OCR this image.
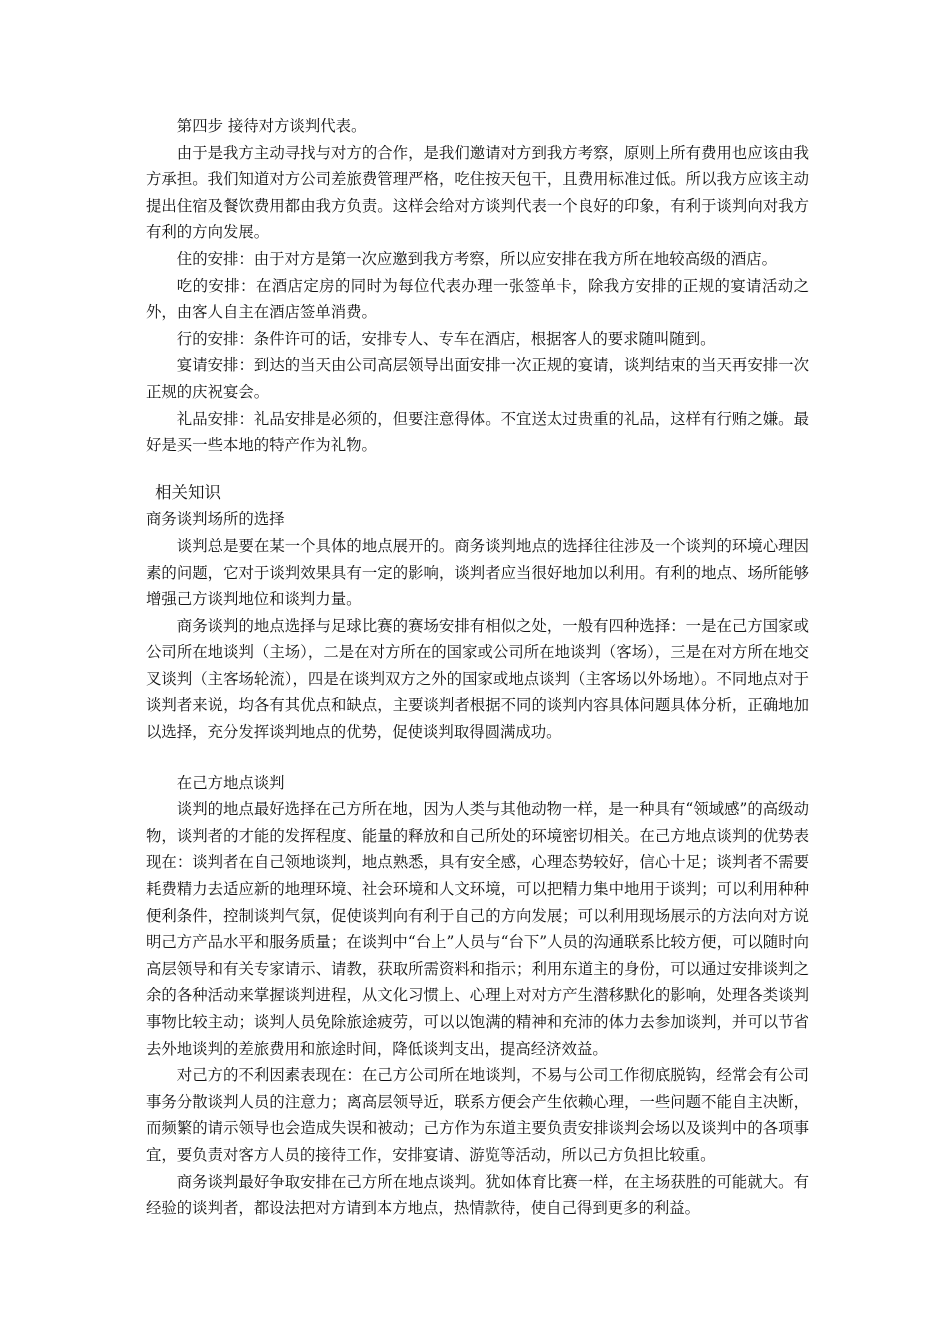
第四步 接待对方谈判代表。

由于是我方主动寻找与对方的合作，是我们邀请对方到我方考察，原则上所有费用也应该由我方承担。我们知道对方公司差旅费管理严格，吃住按天包干，且费用标准过低。所以我方应该主动提出住宿及餐饮费用都由我方负责。这样会给对方谈判代表一个良好的印象，有利于谈判向对我方有利的方向发展。

住的安排：由于对方是第一次应邀到我方考察，所以应安排在我方所在地较高级的酒店。

吃的安排：在酒店定房的同时为每位代表办理一张签单卡，除我方安排的正规的宴请活动之外，由客人自主在酒店签单消费。

行的安排：条件许可的话，安排专人、专车在酒店，根据客人的要求随叫随到。

宴请安排：到达的当天由公司高层领导出面安排一次正规的宴请，谈判结束的当天再安排一次正规的庆祝宴会。

礼品安排：礼品安排是必须的，但要注意得体。不宜送太过贵重的礼品，这样有行贿之嫌。最好是买一些本地的特产作为礼物。

相关知识
商务谈判场所的选择

谈判总是要在某一个具体的地点展开的。商务谈判地点的选择往往涉及一个谈判的环境心理因素的问题，它对于谈判效果具有一定的影响，谈判者应当很好地加以利用。有利的地点、场所能够增强己方谈判地位和谈判力量。

商务谈判的地点选择与足球比赛的赛场安排有相似之处，一般有四种选择：一是在己方国家或公司所在地谈判（主场），二是在对方所在的国家或公司所在地谈判（客场），三是在对方所在地交叉谈判（主客场轮流），四是在谈判双方之外的国家或地点谈判（主客场以外场地）。不同地点对于谈判者来说，均各有其优点和缺点，主要谈判者根据不同的谈判内容具体问题具体分析，正确地加以选择，充分发挥谈判地点的优势，促使谈判取得圆满成功。

在己方地点谈判

谈判的地点最好选择在己方所在地，因为人类与其他动物一样，是一种具有“领域感”的高级动物，谈判者的才能的发挥程度、能量的释放和自己所处的环境密切相关。在己方地点谈判的优势表现在：谈判者在自己领地谈判，地点熟悉，具有安全感，心理态势较好，信心十足；谈判者不需要耗费精力去适应新的地理环境、社会环境和人文环境，可以把精力集中地用于谈判；可以利用种种便利条件，控制谈判气氛，促使谈判向有利于自己的方向发展；可以利用现场展示的方法向对方说明己方产品水平和服务质量；在谈判中“台上”人员与“台下”人员的沟通联系比较方便，可以随时向高层领导和有关专家请示、请教，获取所需资料和指示；利用东道主的身份，可以通过安排谈判之余的各种活动来掌握谈判进程，从文化习惯上、心理上对对方产生潜移默化的影响，处理各类谈判事物比较主动；谈判人员免除旅途疲劳，可以以饱满的精神和充沛的体力去参加谈判，并可以节省去外地谈判的差旅费用和旅途时间，降低谈判支出，提高经济效益。

对己方的不利因素表现在：在己方公司所在地谈判，不易与公司工作彻底脱钩，经常会有公司事务分散谈判人员的注意力；离高层领导近，联系方便会产生依赖心理，一些问题不能自主决断，而频繁的请示领导也会造成失误和被动；己方作为东道主要负责安排谈判会场以及谈判中的各项事宜，要负责对客方人员的接待工作，安排宴请、游览等活动，所以己方负担比较重。

商务谈判最好争取安排在己方所在地点谈判。犹如体育比赛一样，在主场获胜的可能就大。有经验的谈判者，都设法把对方请到本方地点，热情款待，使自己得到更多的利益。
